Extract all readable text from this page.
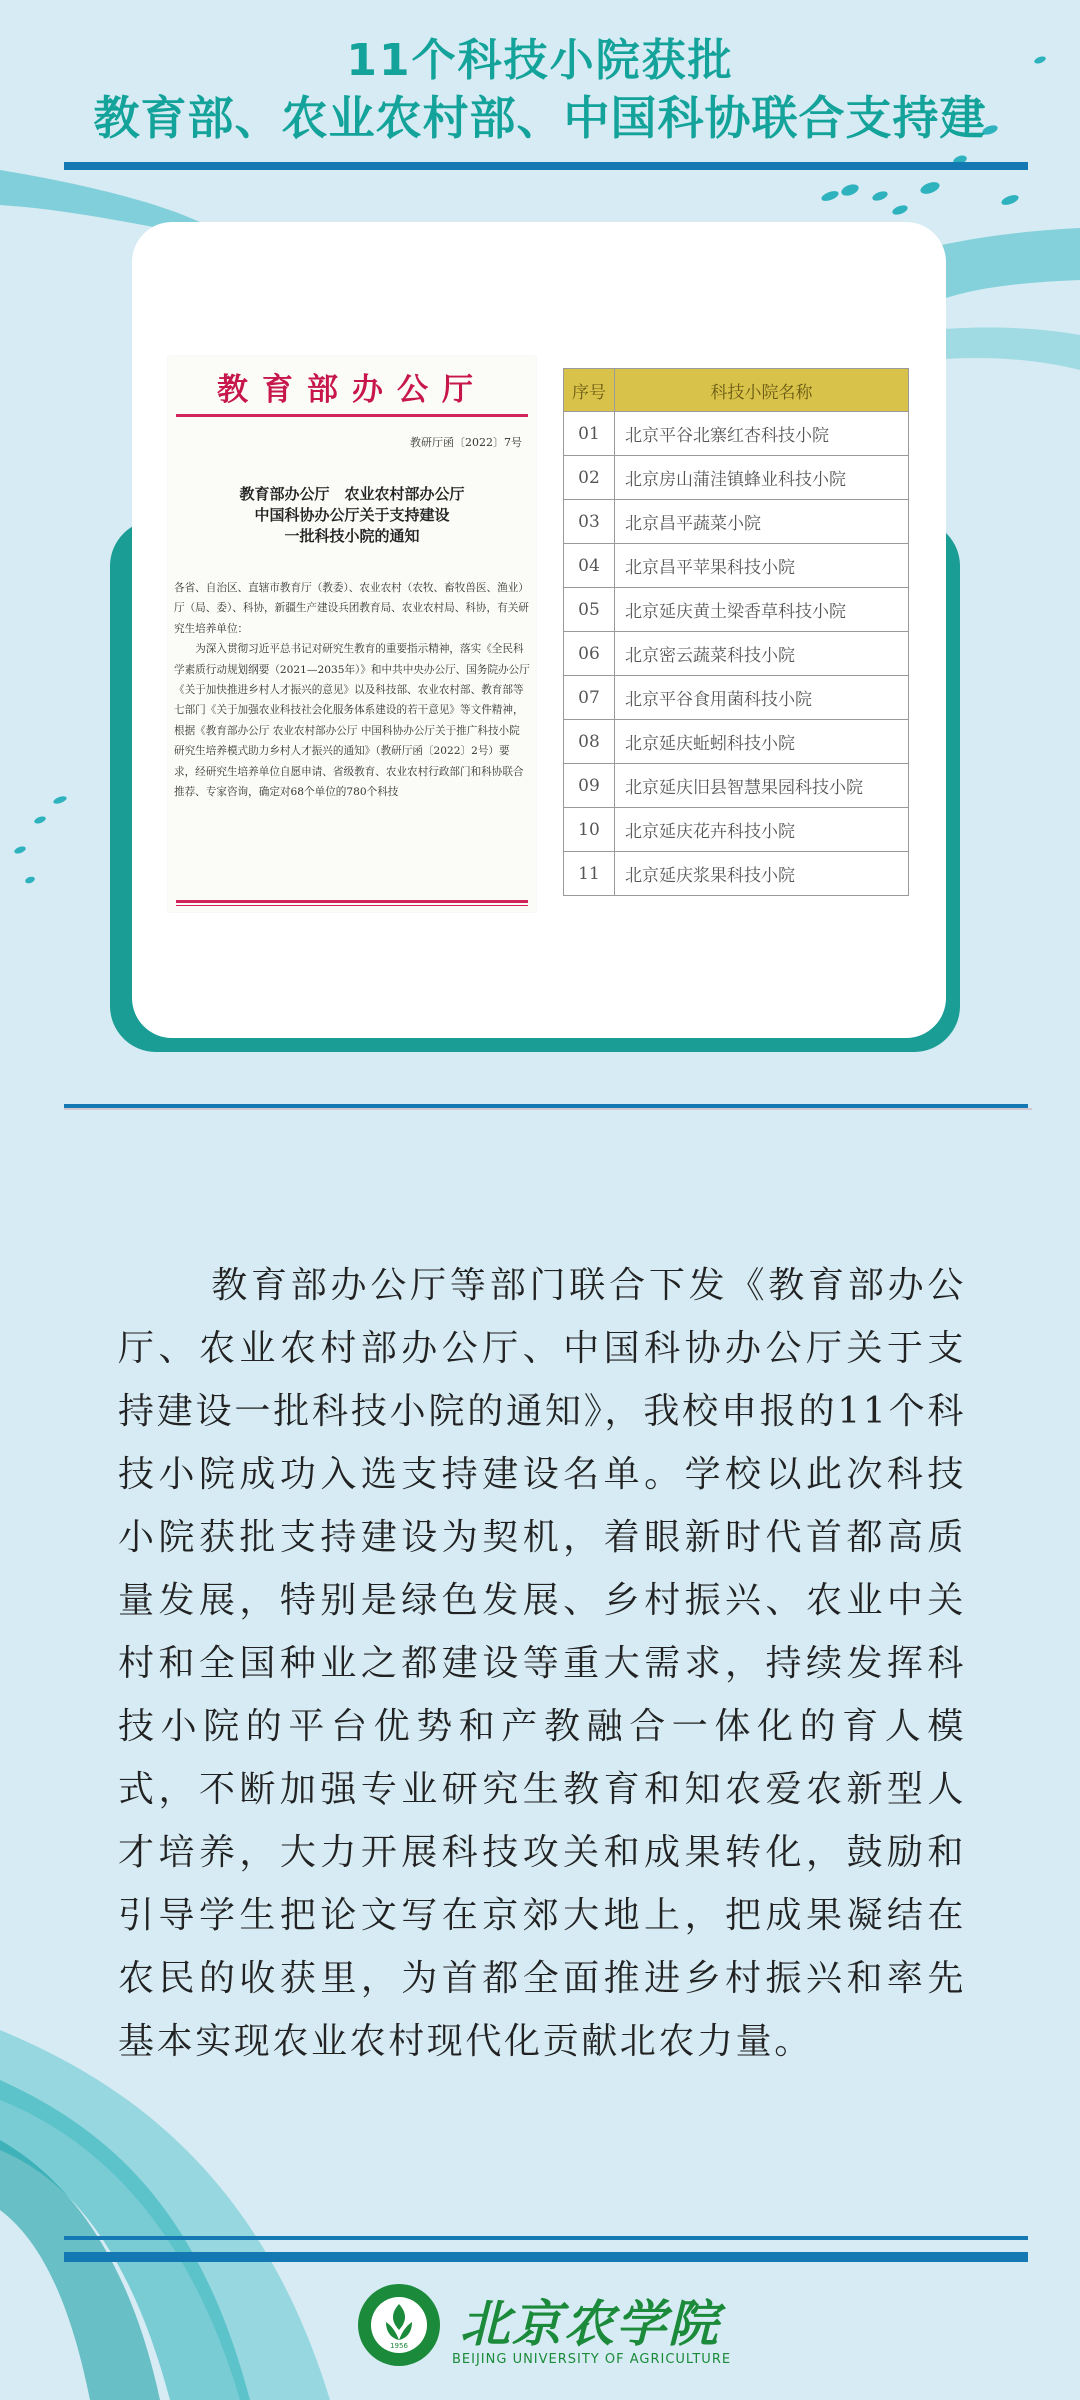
11个科技小院获批
教育部、农业农村部、中国科协联合支持建
教育部办公厅
教研厅函〔2022〕7号
教育部办公厅　农业农村部办公厅
中国科协办公厅关于支持建设
一批科技小院的通知

各省、自治区、直辖市教育厅（教委）、农业农村（农牧、畜牧兽医、渔业）厅（局、委）、科协，新疆生产建设兵团教育局、农业农村局、科协，有关研究生培养单位：

为深入贯彻习近平总书记对研究生教育的重要指示精神，落实《全民科学素质行动规划纲要（2021—2035年）》和中共中央办公厅、国务院办公厅《关于加快推进乡村人才振兴的意见》以及科技部、农业农村部、教育部等七部门《关于加强农业科技社会化服务体系建设的若干意见》等文件精神，根据《教育部办公厅 农业农村部办公厅 中国科协办公厅关于推广科技小院研究生培养模式助力乡村人才振兴的通知》（教研厅函〔2022〕2号）要求，经研究生培养单位自愿申请、省级教育、农业农村行政部门和科协联合推荐、专家咨询，确定对68个单位的780个科技

序号	科技小院名称
01	北京平谷北寨红杏科技小院
02	北京房山蒲洼镇蜂业科技小院
03	北京昌平蔬菜小院
04	北京昌平苹果科技小院
05	北京延庆黄土梁香草科技小院
06	北京密云蔬菜科技小院
07	北京平谷食用菌科技小院
08	北京延庆蚯蚓科技小院
09	北京延庆旧县智慧果园科技小院
10	北京延庆花卉科技小院
11	北京延庆浆果科技小院
教育部办公厅等部门联合下发《教育部办公厅、农业农村部办公厅、中国科协办公厅关于支持建设一批科技小院的通知》，我校申报的11个科技小院成功入选支持建设名单。学校以此次科技小院获批支持建设为契机，着眼新时代首都高质量发展，特别是绿色发展、乡村振兴、农业中关村和全国种业之都建设等重大需求，持续发挥科技小院的平台优势和产教融合一体化的育人模式，不断加强专业研究生教育和知农爱农新型人才培养，大力开展科技攻关和成果转化，鼓励和引导学生把论文写在京郊大地上，把成果凝结在农民的收获里，为首都全面推进乡村振兴和率先基本实现农业农村现代化贡献北农力量。
1956 北京农学院
BEIJING UNIVERSITY OF AGRICULTURE
